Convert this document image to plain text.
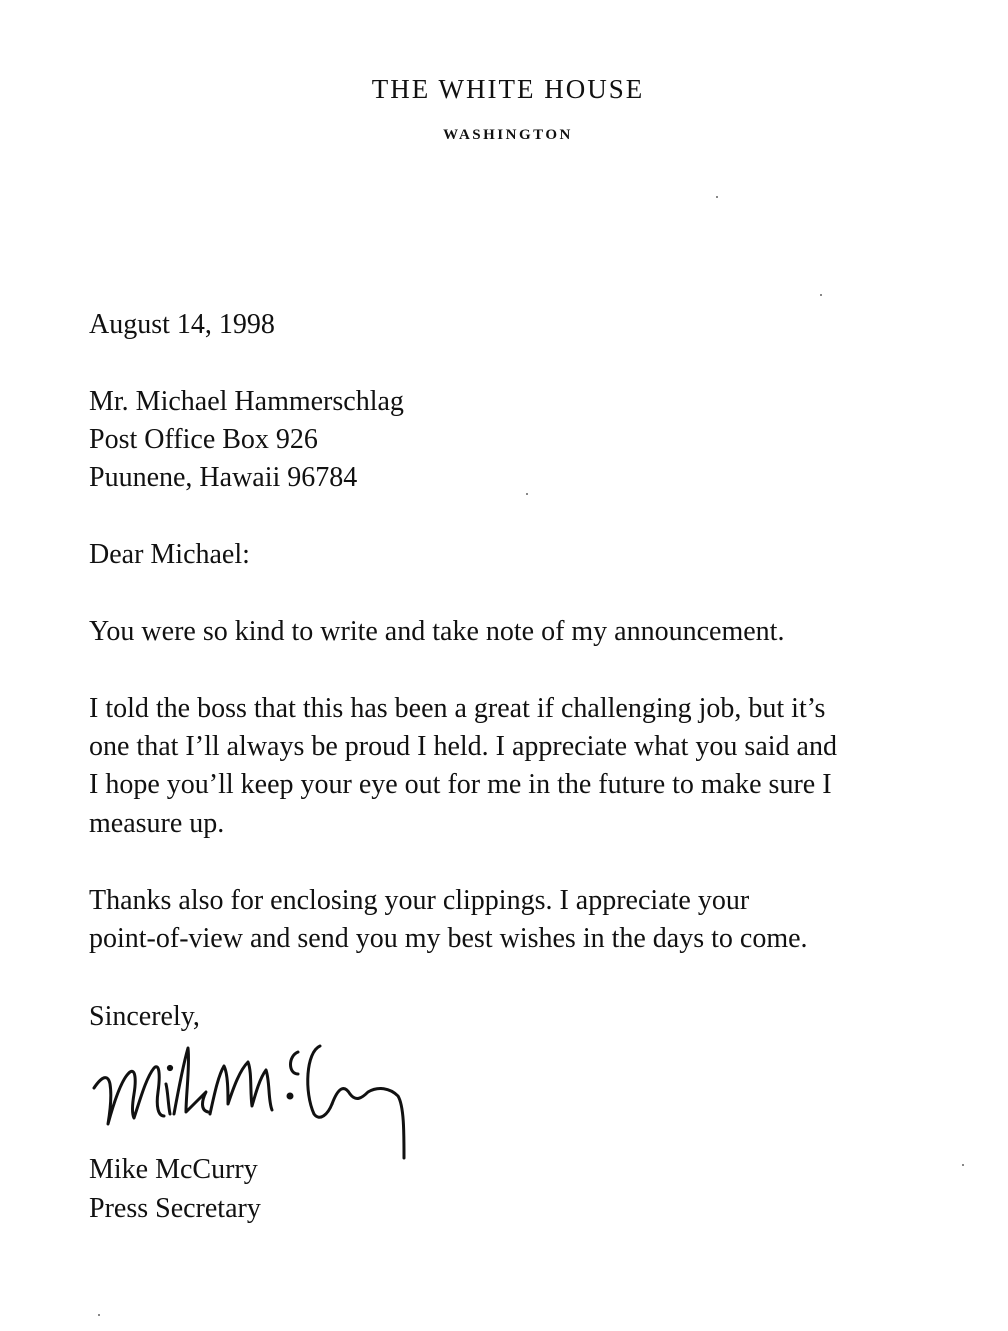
THE WHITE HOUSE
WASHINGTON
August 14, 1998
Mr. Michael Hammerschlag
Post Office Box 926
Puunene, Hawaii 96784
Dear Michael:
You were so kind to write and take note of my announcement.
I told the boss that this has been a great if challenging job, but it’s
one that I’ll always be proud I held. I appreciate what you said and
I hope you’ll keep your eye out for me in the future to make sure I
measure up.
Thanks also for enclosing your clippings. I appreciate your
point-of-view and send you my best wishes in the days to come.
Sincerely,
Mike McCurry
Press Secretary
